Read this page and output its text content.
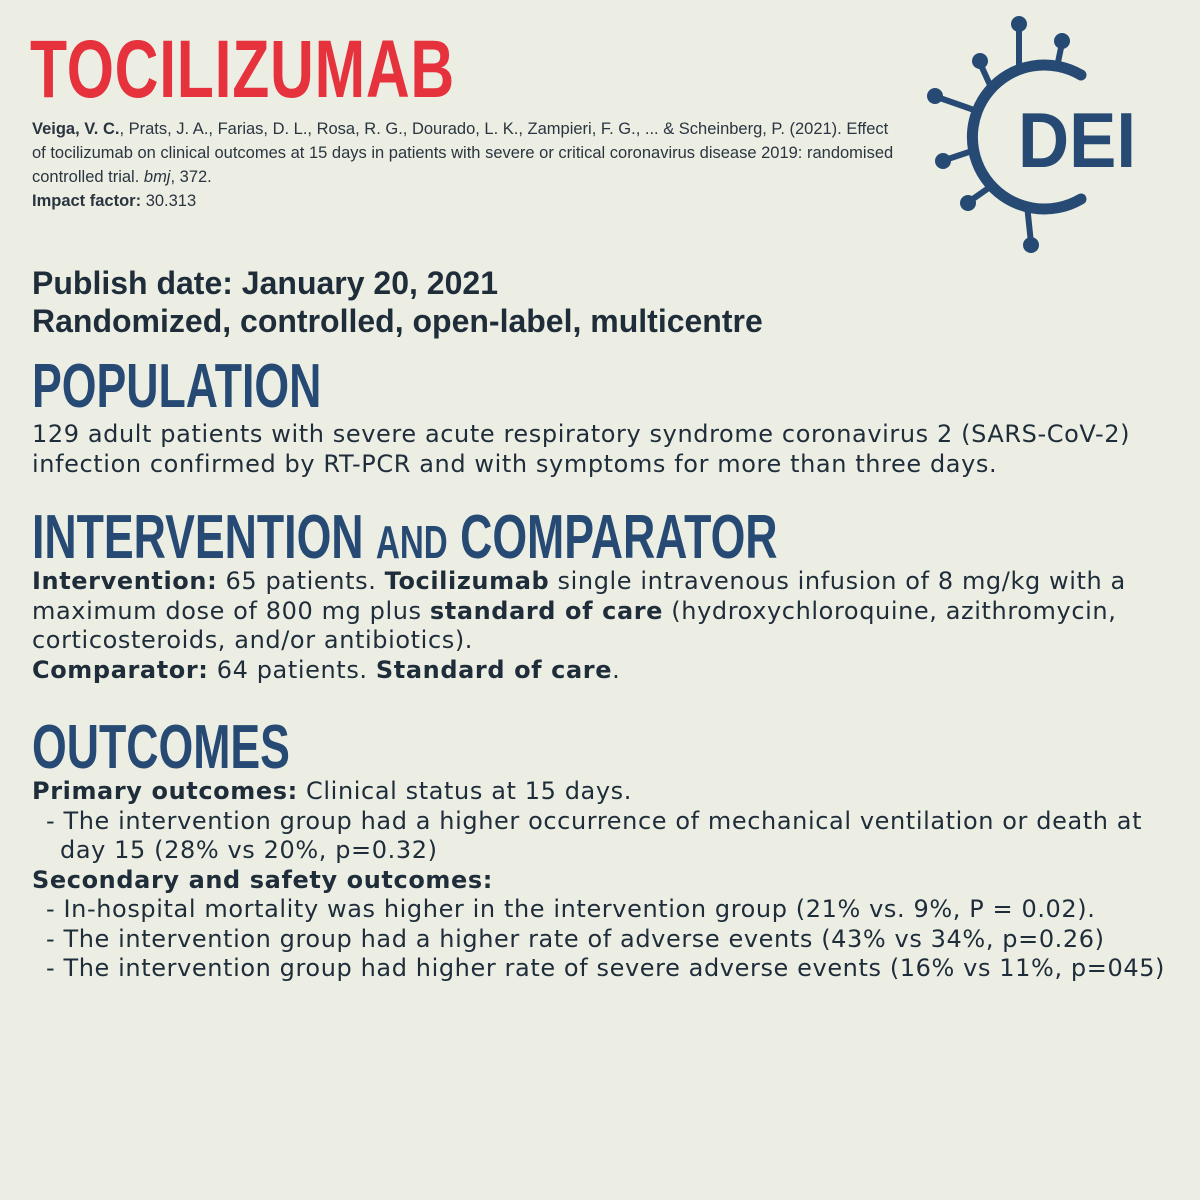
TOCILIZUMAB
Veiga, V. C., Prats, J. A., Farias, D. L., Rosa, R. G., Dourado, L. K., Zampieri, F. G., ... & Scheinberg, P. (2021). Effect of tocilizumab on clinical outcomes at 15 days in patients with severe or critical coronavirus disease 2019: randomised controlled trial. bmj, 372.
Impact factor: 30.313
DEI
Publish date: January 20, 2021
Randomized, controlled, open-label, multicentre
POPULATION
129 adult patients with severe acute respiratory syndrome coronavirus 2 (SARS-CoV-2) infection confirmed by RT-PCR and with symptoms for more than three days.
INTERVENTION AND COMPARATOR
Intervention: 65 patients. Tocilizumab single intravenous infusion of 8 mg/kg with a maximum dose of 800 mg plus standard of care (hydroxychloroquine, azithromycin, corticosteroids, and/or antibiotics).
Comparator: 64 patients. Standard of care.
OUTCOMES
Primary outcomes: Clinical status at 15 days.
- The intervention group had a higher occurrence of mechanical ventilation or death at day 15 (28% vs 20%, p=0.32)
Secondary and safety outcomes:
- In-hospital mortality was higher in the intervention group (21% vs. 9%, P = 0.02).
- The intervention group had a higher rate of adverse events (43% vs 34%, p=0.26)
- The intervention group had higher rate of severe adverse events (16% vs 11%, p=045)
